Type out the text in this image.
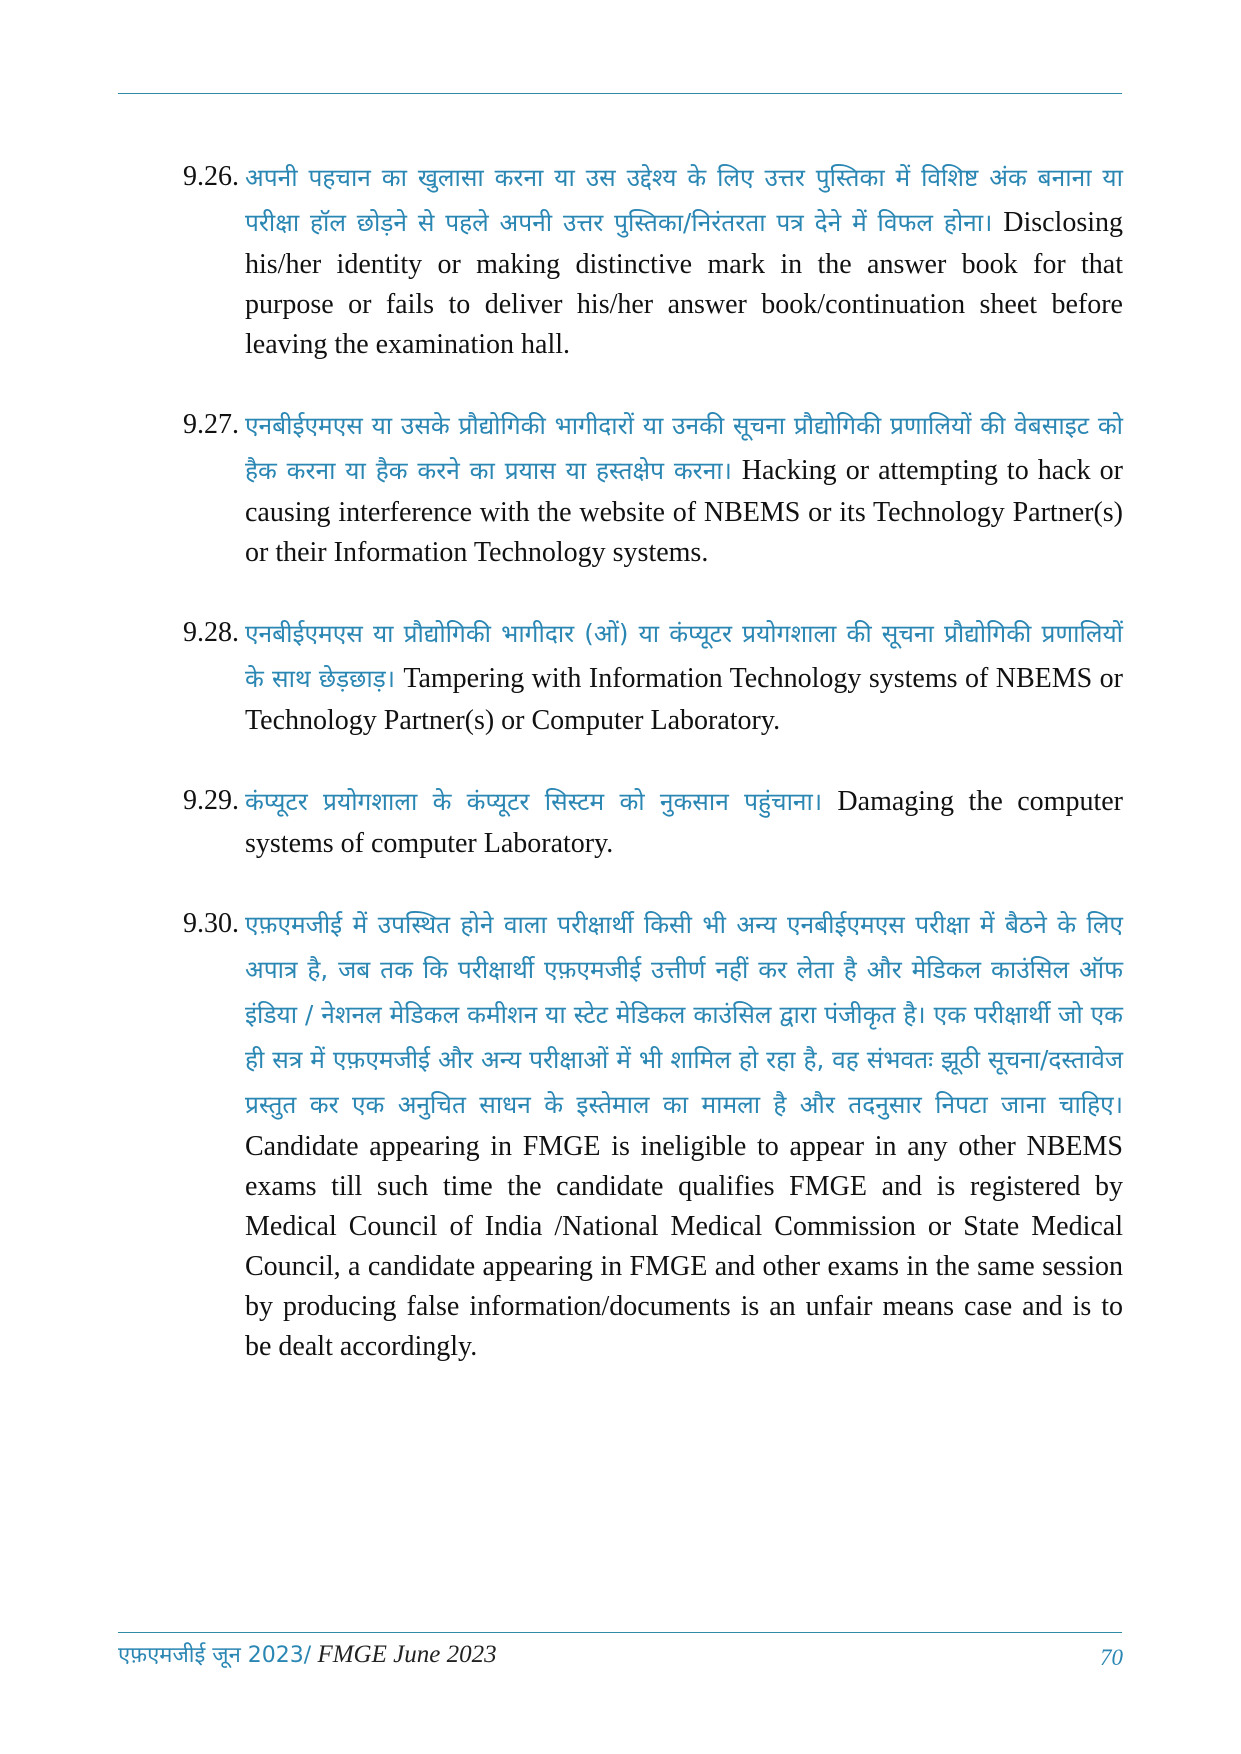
9.26. अपनी पहचान का खुलासा करना या उस उद्देश्य के लिए उत्तर पुस्तिका में विशिष्ट अंक बनाना या परीक्षा हॉल छोड़ने से पहले अपनी उत्तर पुस्तिका/निरंतरता पत्र देने में विफल होना। Disclosing his/her identity or making distinctive mark in the answer book for that purpose or fails to deliver his/her answer book/continuation sheet before leaving the examination hall.
9.27. एनबीईएमएस या उसके प्रौद्योगिकी भागीदारों या उनकी सूचना प्रौद्योगिकी प्रणालियों की वेबसाइट को हैक करना या हैक करने का प्रयास या हस्तक्षेप करना। Hacking or attempting to hack or causing interference with the website of NBEMS or its Technology Partner(s) or their Information Technology systems.
9.28. एनबीईएमएस या प्रौद्योगिकी भागीदार (ओं) या कंप्यूटर प्रयोगशाला की सूचना प्रौद्योगिकी प्रणालियों के साथ छेड़छाड़। Tampering with Information Technology systems of NBEMS or Technology Partner(s) or Computer Laboratory.
9.29. कंप्यूटर प्रयोगशाला के कंप्यूटर सिस्टम को नुकसान पहुंचाना। Damaging the computer systems of computer Laboratory.
9.30. एफ़एमजीई में उपस्थित होने वाला परीक्षार्थी किसी भी अन्य एनबीईएमएस परीक्षा में बैठने के लिए अपात्र है, जब तक कि परीक्षार्थी एफ़एमजीई उत्तीर्ण नहीं कर लेता है और मेडिकल काउंसिल ऑफ इंडिया / नेशनल मेडिकल कमीशन या स्टेट मेडिकल काउंसिल द्वारा पंजीकृत है। एक परीक्षार्थी जो एक ही सत्र में एफ़एमजीई और अन्य परीक्षाओं में भी शामिल हो रहा है, वह संभवतः झूठी सूचना/दस्तावेज प्रस्तुत कर एक अनुचित साधन के इस्तेमाल का मामला है और तदनुसार निपटा जाना चाहिए। Candidate appearing in FMGE is ineligible to appear in any other NBEMS exams till such time the candidate qualifies FMGE and is registered by Medical Council of India /National Medical Commission or State Medical Council, a candidate appearing in FMGE and other exams in the same session by producing false information/documents is an unfair means case and is to be dealt accordingly.
एफ़एमजीई जून 2023/ FMGE June 2023	70
